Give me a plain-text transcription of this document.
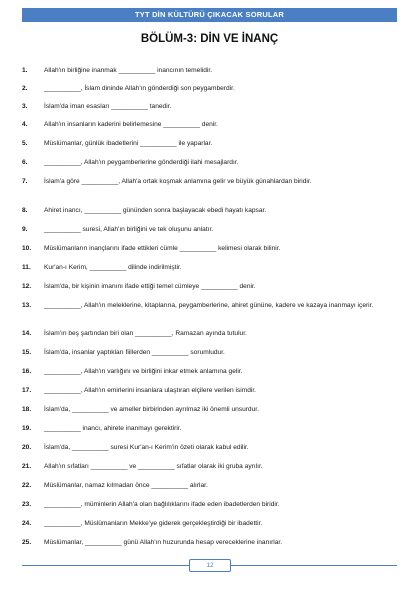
TYT DİN KÜLTÜRÜ ÇIKACAK SORULAR
BÖLÜM-3: DİN VE İNANÇ
1.	Allah'ın birliğine inanmak __________ inancının temelidir.
2.	__________, İslam dininde Allah'ın gönderdiği son peygamberdir.
3.	İslam'da iman esasları __________ tanedir.
4.	Allah'ın insanların kaderini belirlemesine __________ denir.
5.	Müslümanlar, günlük ibadetlerini __________ ile yaparlar.
6.	__________, Allah'ın peygamberlerine gönderdiği ilahi mesajlardır.
7.	İslam'a göre __________, Allah'a ortak koşmak anlamına gelir ve büyük günahlardan biridir.
8.	Ahiret inancı, __________ gününden sonra başlayacak ebedi hayatı kapsar.
9.	__________ suresi, Allah'ın birliğini ve tek oluşunu anlatır.
10.	Müslümanların inançlarını ifade ettikleri cümle __________ kelimesi olarak bilinir.
11.	Kur'an-ı Kerim, __________ dilinde indirilmiştir.
12.	İslam'da, bir kişinin imanını ifade ettiği temel cümleye __________ denir.
13.	__________, Allah'ın meleklerine, kitaplarına, peygamberlerine, ahiret gününe, kadere ve kazaya inanmayı içerir.
14.	İslam'ın beş şartından biri olan __________, Ramazan ayında tutulur.
15.	İslam'da, insanlar yaptıkları fiillerden __________ sorumludur.
16.	__________, Allah'ın varlığını ve birliğini inkar etmek anlamına gelir.
17.	__________, Allah'ın emirlerini insanlara ulaştıran elçilere verilen isimdir.
18.	İslam'da, __________ ve ameller birbirinden ayrılmaz iki önemli unsurdur.
19.	__________ inancı, ahirete inanmayı gerektirir.
20.	İslam'da, __________ suresi Kur'an-ı Kerim'in özeti olarak kabul edilir.
21.	Allah'ın sıfatları __________ ve __________ sıfatlar olarak iki gruba ayrılır.
22.	Müslümanlar, namaz kılmadan önce __________ alırlar.
23.	__________, müminlerin Allah'a olan bağlılıklarını ifade eden ibadetlerden biridir.
24.	__________, Müslümanların Mekke'ye giderek gerçekleştirdiği bir ibadettir.
25.	Müslümanlar, __________ günü Allah'ın huzurunda hesap vereceklerine inanırlar.
12
